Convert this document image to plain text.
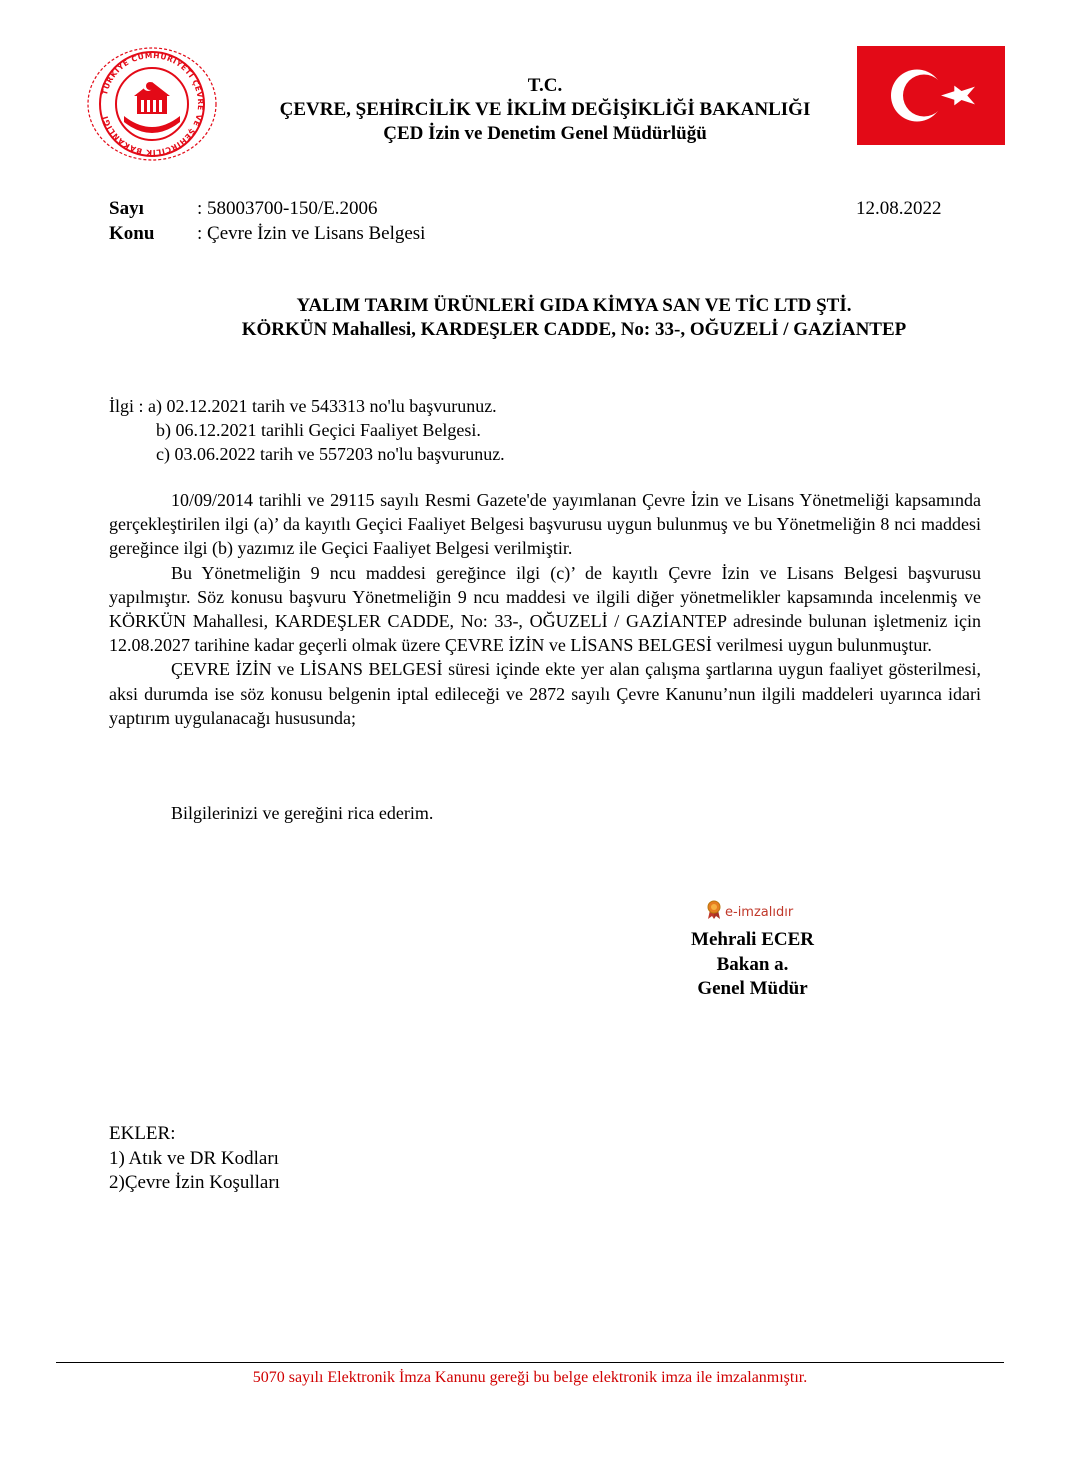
TÜRKİYE CUMHURİYETİ ÇEVRE VE ŞEHİRCİLİK BAKANLIĞI
T.C.
ÇEVRE, ŞEHİRCİLİK VE İKLİM DEĞİŞİKLİĞİ BAKANLIĞI
ÇED İzin ve Denetim Genel Müdürlüğü
Sayı	: 58003700-150/E.2006
Konu	: Çevre İzin ve Lisans Belgesi
12.08.2022
YALIM TARIM ÜRÜNLERİ GIDA KİMYA SAN VE TİC LTD ŞTİ.
KÖRKÜN Mahallesi, KARDEŞLER CADDE, No: 33-, OĞUZELİ / GAZİANTEP
İlgi : a) 02.12.2021 tarih ve 543313 no'lu başvurunuz.
b) 06.12.2021 tarihli Geçici Faaliyet Belgesi.
c) 03.06.2022 tarih ve 557203 no'lu başvurunuz.

10/09/2014 tarihli ve 29115 sayılı Resmi Gazete'de yayımlanan Çevre İzin ve Lisans Yönetmeliği kapsamında gerçekleştirilen ilgi (a)’ da kayıtlı Geçici Faaliyet Belgesi başvurusu uygun bulunmuş ve bu Yönetmeliğin 8 nci maddesi gereğince ilgi (b) yazımız ile Geçici Faaliyet Belgesi verilmiştir.

Bu Yönetmeliğin 9 ncu maddesi gereğince ilgi (c)’ de kayıtlı Çevre İzin ve Lisans Belgesi başvurusu yapılmıştır. Söz konusu başvuru Yönetmeliğin 9 ncu maddesi ve ilgili diğer yönetmelikler kapsamında incelenmiş ve KÖRKÜN Mahallesi, KARDEŞLER CADDE, No: 33-, OĞUZELİ / GAZİANTEP adresinde bulunan işletmeniz için 12.08.2027 tarihine kadar geçerli olmak üzere ÇEVRE İZİN ve LİSANS BELGESİ verilmesi uygun bulunmuştur.

ÇEVRE İZİN ve LİSANS BELGESİ süresi içinde ekte yer alan çalışma şartlarına uygun faaliyet gösterilmesi, aksi durumda ise söz konusu belgenin iptal edileceği ve 2872 sayılı Çevre Kanunu’nun ilgili maddeleri uyarınca idari yaptırım uygulanacağı hususunda;

Bilgilerinizi ve gereğini rica ederim.
e-imzalıdır
Mehrali ECER
Bakan a.
Genel Müdür
EKLER:
1) Atık ve DR Kodları
2)Çevre İzin Koşulları
5070 sayılı Elektronik İmza Kanunu gereği bu belge elektronik imza ile imzalanmıştır.
